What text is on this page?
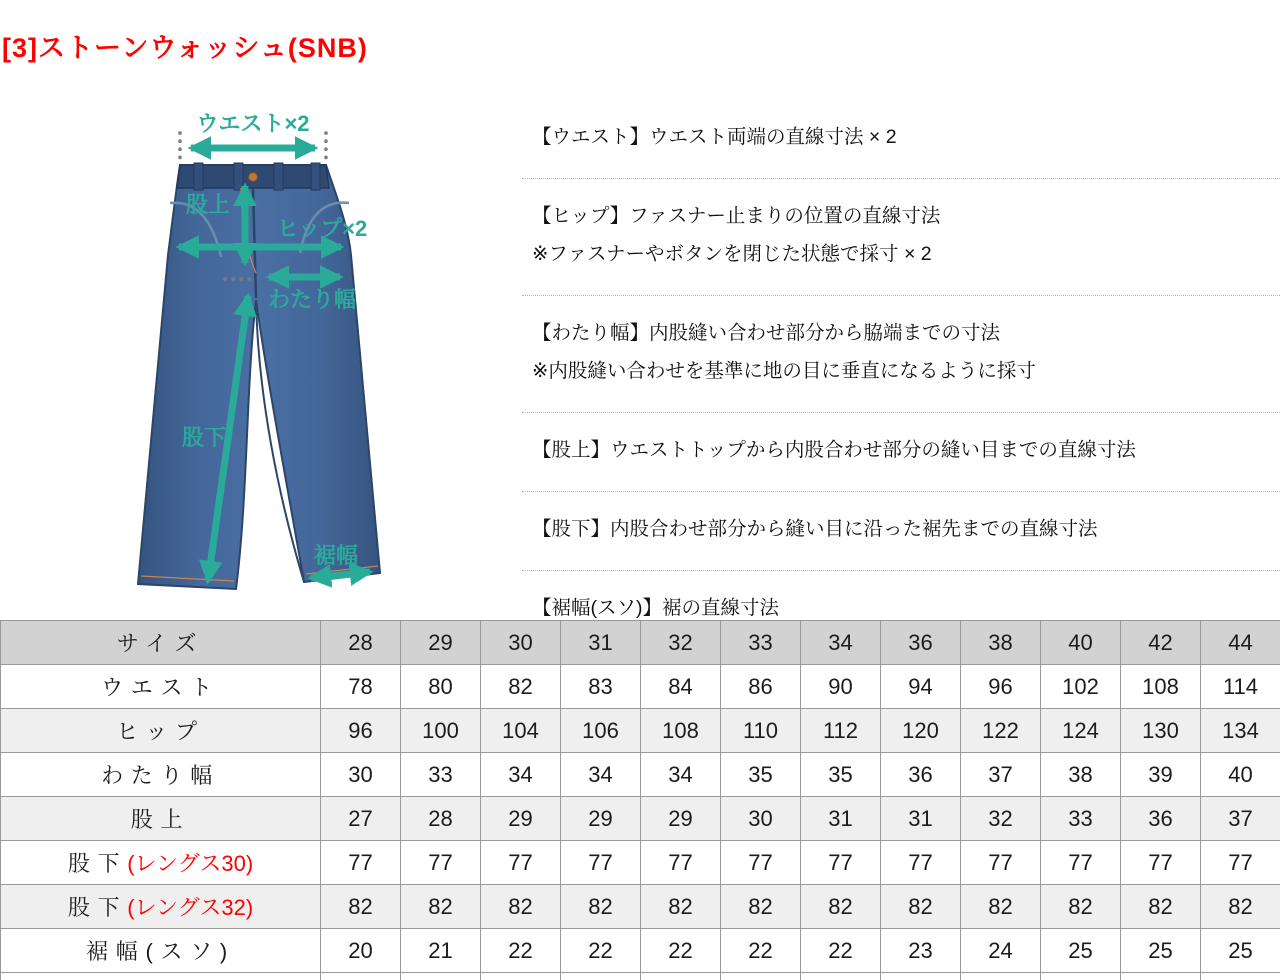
[3]ストーンウォッシュ(SNB)
ウエスト×2
股上
ヒップ×2
わたり幅
股下
裾幅
【ウエスト】ウエスト両端の直線寸法 × 2
【ヒップ】ファスナー止まりの位置の直線寸法
※ファスナーやボタンを閉じた状態で採寸 × 2
【わたり幅】内股縫い合わせ部分から脇端までの寸法
※内股縫い合わせを基準に地の目に垂直になるように採寸
【股上】ウエストトップから内股合わせ部分の縫い目までの直線寸法
【股下】内股合わせ部分から縫い目に沿った裾先までの直線寸法
【裾幅(スソ)】裾の直線寸法
サイズ	28	29	30	31	32	33	34	36	38	40	42	44
ウエスト	78	80	82	83	84	86	90	94	96	102	108	114
ヒップ	96	100	104	106	108	110	112	120	122	124	130	134
わたり幅	30	33	34	34	34	35	35	36	37	38	39	40
股上	27	28	29	29	29	30	31	31	32	33	36	37
股下(レングス30)	77	77	77	77	77	77	77	77	77	77	77	77
股下(レングス32)	82	82	82	82	82	82	82	82	82	82	82	82
裾幅(スソ)	20	21	22	22	22	22	22	23	24	25	25	25
